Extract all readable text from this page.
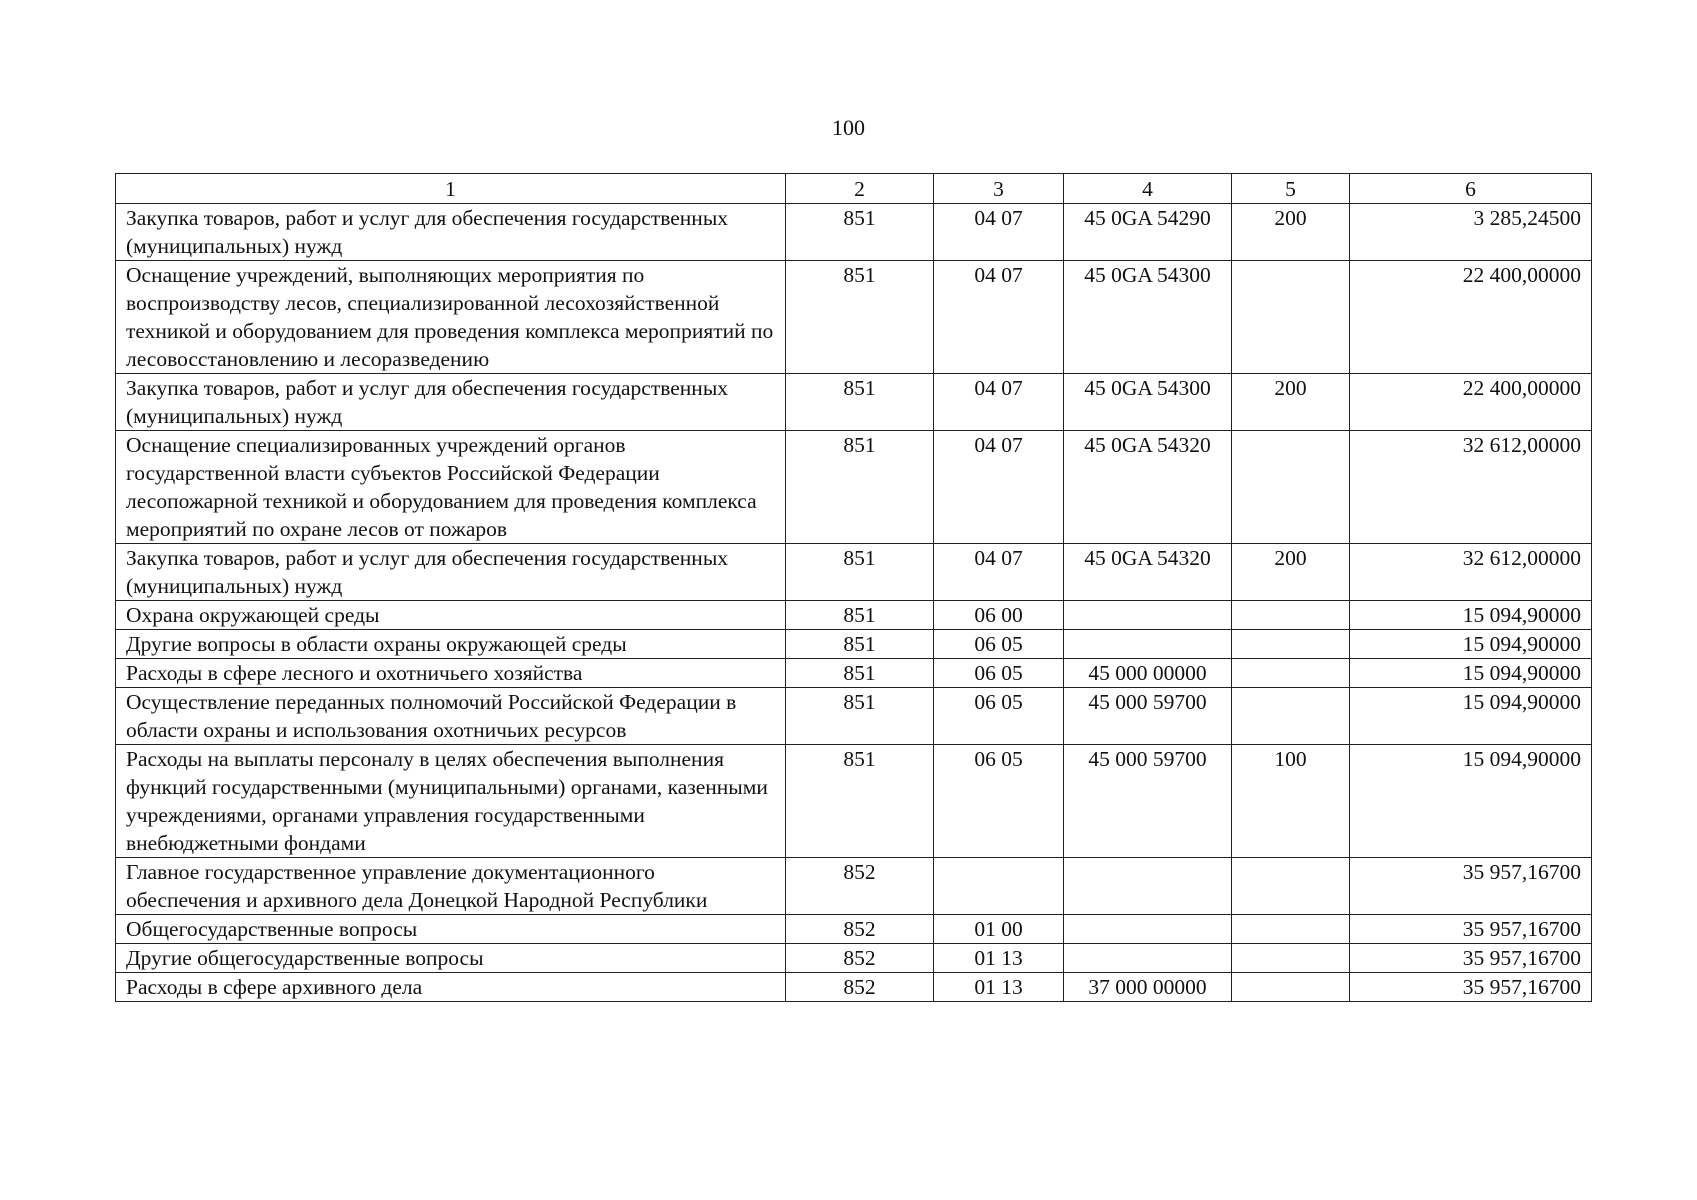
100
1	2	3	4	5	6
Закупка товаров, работ и услуг для обеспечения государственных (муниципальных) нужд	851	04 07	45 0GA 54290	200	3 285,24500
Оснащение учреждений, выполняющих мероприятия по воспроизводству лесов, специализированной лесохозяйственной техникой и оборудованием для проведения комплекса мероприятий по лесовосстановлению и лесоразведению	851	04 07	45 0GA 54300		22 400,00000
Закупка товаров, работ и услуг для обеспечения государственных (муниципальных) нужд	851	04 07	45 0GA 54300	200	22 400,00000
Оснащение специализированных учреждений органов государственной власти субъектов Российской Федерации лесопожарной техникой и оборудованием для проведения комплекса мероприятий по охране лесов от пожаров	851	04 07	45 0GA 54320		32 612,00000
Закупка товаров, работ и услуг для обеспечения государственных (муниципальных) нужд	851	04 07	45 0GA 54320	200	32 612,00000
Охрана окружающей среды	851	06 00			15 094,90000
Другие вопросы в области охраны окружающей среды	851	06 05			15 094,90000
Расходы в сфере лесного и охотничьего хозяйства	851	06 05	45 000 00000		15 094,90000
Осуществление переданных полномочий Российской Федерации в области охраны и использования охотничьих ресурсов	851	06 05	45 000 59700		15 094,90000
Расходы на выплаты персоналу в целях обеспечения выполнения функций государственными (муниципальными) органами, казенными учреждениями, органами управления государственными внебюджетными фондами	851	06 05	45 000 59700	100	15 094,90000
Главное государственное управление документационного обеспечения и архивного дела Донецкой Народной Республики	852				35 957,16700
Общегосударственные вопросы	852	01 00			35 957,16700
Другие общегосударственные вопросы	852	01 13			35 957,16700
Расходы в сфере архивного дела	852	01 13	37 000 00000		35 957,16700
